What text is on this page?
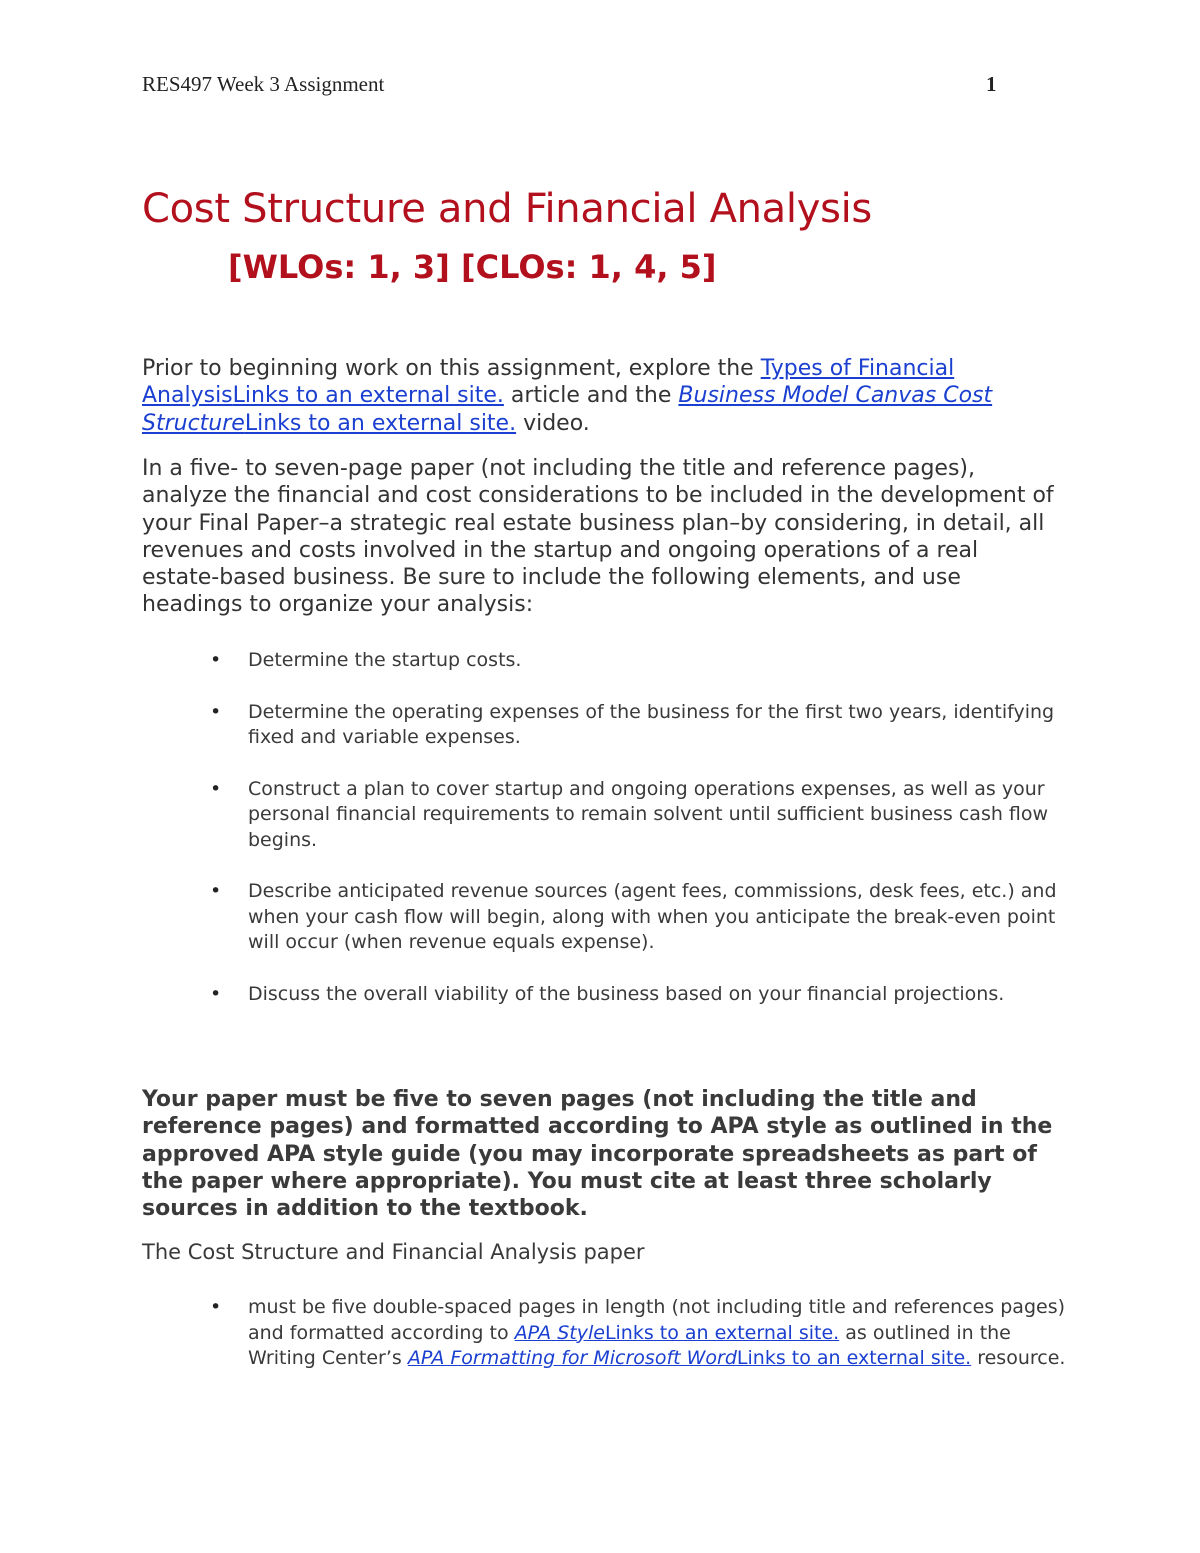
RES497 Week 3 Assignment	1
Cost Structure and Financial Analysis
[WLOs: 1, 3] [CLOs: 1, 4, 5]
Prior to beginning work on this assignment, explore the Types of Financial AnalysisLinks to an external site. article and the Business Model Canvas Cost StructureLinks to an external site. video.
In a five- to seven-page paper (not including the title and reference pages), analyze the financial and cost considerations to be included in the development of your Final Paper–a strategic real estate business plan–by considering, in detail, all revenues and costs involved in the startup and ongoing operations of a real estate-based business. Be sure to include the following elements, and use headings to organize your analysis:
• Determine the startup costs.
• Determine the operating expenses of the business for the first two years, identifying fixed and variable expenses.
• Construct a plan to cover startup and ongoing operations expenses, as well as your personal financial requirements to remain solvent until sufficient business cash flow begins.
• Describe anticipated revenue sources (agent fees, commissions, desk fees, etc.) and when your cash flow will begin, along with when you anticipate the break-even point will occur (when revenue equals expense).
• Discuss the overall viability of the business based on your financial projections.
Your paper must be five to seven pages (not including the title and reference pages) and formatted according to APA style as outlined in the approved APA style guide (you may incorporate spreadsheets as part of the paper where appropriate). You must cite at least three scholarly sources in addition to the textbook.
The Cost Structure and Financial Analysis paper
• must be five double-spaced pages in length (not including title and references pages) and formatted according to APA StyleLinks to an external site. as outlined in the Writing Center’s APA Formatting for Microsoft WordLinks to an external site. resource.
